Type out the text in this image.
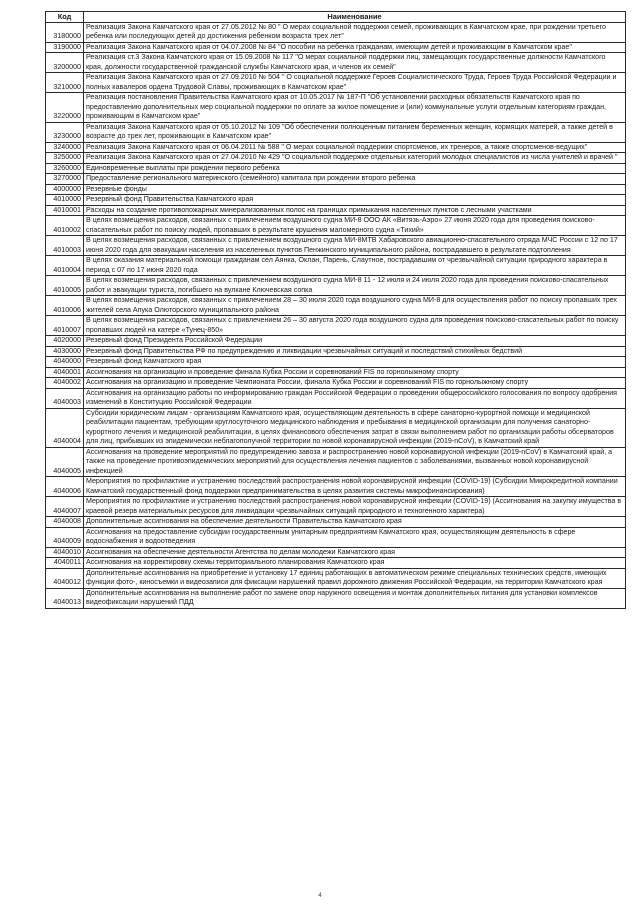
Код	Наименование
3180000	Реализация Закона Камчатского края от 27.05.2012 № 80 " О мерах социальной поддержки семей, проживающих в Камчатском крае, при рождении третьего ребенка или последующих детей до достижения ребенком возраста трех лет"
3190000	Реализация Закона Камчатского края от 04.07.2008 № 84 "О пособии на ребенка гражданам, имеющим детей и проживающим в Камчатском крае"
3200000	Реализация ст.3 Закона Камчатского края от 15.09.2008 № 117 "О мерах социальной поддержки лиц, замещающих государственные должности Камчатского края, должности государственной гражданской службы Камчатского края, и членов их семей"
3210000	Реализация Закона Камчатского края от 27.09.2010 № 504 " О социальной поддержке Героев Социалистического Труда, Героев Труда Российской Федерации и полных кавалеров ордена Трудовой Славы, проживающих в Камчатском крае"
3220000	Реализация постановления Правительства Камчатского края от 10.05.2017 № 187-П "Об установлении расходных обязательств Камчатского края по предоставлению дополнительных мер социальной поддержки по оплате за жилое помещение и (или) коммунальные услуги отдельным категориям граждан, проживающим в Камчатском крае"
3230000	Реализация Закона Камчатского края от 05.10.2012 № 109 "Об обеспечении полноценным питанием беременных женщин, кормящих матерей, а также детей в возрасте до трех лет, проживающих в Камчатском крае"
3240000	Реализация Закона Камчатского края от 06.04.2011 № 588 " О мерах социальной поддержки спортсменов, их тренеров, а также спортсменов-ведущих"
3250000	Реализация Закона Камчатского края от 27.04.2010 № 429 "О социальной поддержке отдельных категорий молодых специалистов из числа учителей и врачей "
3260000	Единовременные выплаты при рождении первого ребенка
3270000	Предоставление регионального материнского (семейного) капитала при рождении второго ребенка
4000000	Резервные фонды
4010000	Резервный фонд Правительства Камчатского края
4010001	Расходы на создание противопожарных минерализованных полос на границах примыкания населенных пунктов с лесными участками
4010002	В целях возмещения расходов, связанных с привлечением воздушного судна МИ-8 ООО АК «Витязь-Аэро» 27 июня 2020 года для проведения поисково-спасательных работ по поиску людей, пропавших в результате крушения маломерного судна «Тихий»
4010003	В целях возмещения расходов, связанных с привлечением воздушного судна МИ-8МТВ Хабаровского авиационно-спасательного отряда МЧС России с 12 по 17 июня 2020 года для эвакуации населения из населенных пунктов Пенжинского муниципального района, пострадавшего в результате подтопления
4010004	В целях оказания материальной помощи гражданам сел Аянка, Оклан, Парень, Слаутное, пострадавшим от чрезвычайной ситуации природного характера в период с 07 по 17 июня 2020 года
4010005	В целях возмещения расходов, связанных с привлечением воздушного судна МИ-8 11 - 12 июля и 24 июля 2020 года для проведения поисково-спасательных работ и эвакуации туриста, погибшего на вулкане Ключевская сопка
4010006	В целях возмещения расходов, связанных с привлечением 28 – 30 июля 2020 года воздушного судна МИ-8 для осуществления работ по поиску пропавших трех жителей села Апука Олюторского муниципального района
4010007	В целях возмещения расходов, связанных с привлечением 26 – 30 августа 2020 года воздушного судна для проведения поисково-спасательных работ по поиску пропавших людей на катере «Тунец-850»
4020000	Резервный фонд Президента Российской Федерации
4030000	Резервный фонд Правительства РФ по предупреждению и ликвидации чрезвычайных ситуаций и последствий стихийных бедствий
4040000	Резервный фонд Камчатского края
4040001	Ассигнования на организацию и проведение финала Кубка России и соревнований FIS по горнолыжному спорту
4040002	Ассигнования на организацию и проведение Чемпионата России, финала Кубка России и соревнований FIS по горнолыжному спорту
4040003	Ассигнования на организацию работы по информированию граждан Российской Федерации о проведении общероссийского голосования по вопросу одобрения изменений в Конституцию Российской Федерации
4040004	Субсидии юридическим лицам - организациям Камчатского края, осуществляющим деятельность в сфере санаторно-курортной помощи и медицинской реабилитации пациентам, требующим круглосуточного медицинского наблюдения и пребывания в медицинской организации для получения санаторно-курортного лечения и медицинской реабилитации, в целях финансового обеспечения затрат в связи выполнением работ по организации работы обсерваторов для лиц, прибывших из эпидемически неблагополучной территории по новой коронавирусной инфекции (2019-nCoV), в Камчатский край
4040005	Ассигнования на проведение мероприятий по предупреждению завоза и распространению новой коронавирусной инфекции (2019-nCoV) в Камчатский край, а также на проведение противоэпидемических мероприятий для осуществления лечения пациентов с заболеваниями, вызванных новой коронавирусной инфекцией
4040006	Мероприятия по профилактике и устранению последствий распространения новой коронавирусной инфекции (COVID-19) (Субсидии Микрокредитной компании Камчатский государственный фонд поддержки предпринимательства в целях развития системы микрофинансирования)
4040007	Мероприятия по профилактике и устранению последствий распространения новой коронавирусной инфекции (COVID-19) (Ассигнования на закупку имущества в краевой резерв материальных ресурсов для ликвидации чрезвычайных ситуаций природного и техногенного характера)
4040008	Дополнительные ассигнования на обеспечение деятельности Правительства Камчатского края
4040009	Ассигнования на предоставление субсидии государственным унитарным предприятиям Камчатского края, осуществляющим деятельность в сфере водоснабжения и водоотведения
4040010	Ассигнования на обеспечение деятельности Агентства по делам молодежи Камчатского края
4040011	Ассигнования на корректировку схемы территориального планирования Камчатского края
4040012	Дополнительные ассигнования на приобретение и установку 17 единиц работающих в автоматическом режиме специальных технических средств, имеющих функции фото-, киносъемки и видеозаписи для фиксации нарушений правил дорожного движения Российской Федерации, на территории Камчатского края
4040013	Дополнительные ассигнования на выполнение работ по замене опор наружного освещения и монтаж дополнительных питания для установки комплексов видеофиксации нарушений ПДД
4
